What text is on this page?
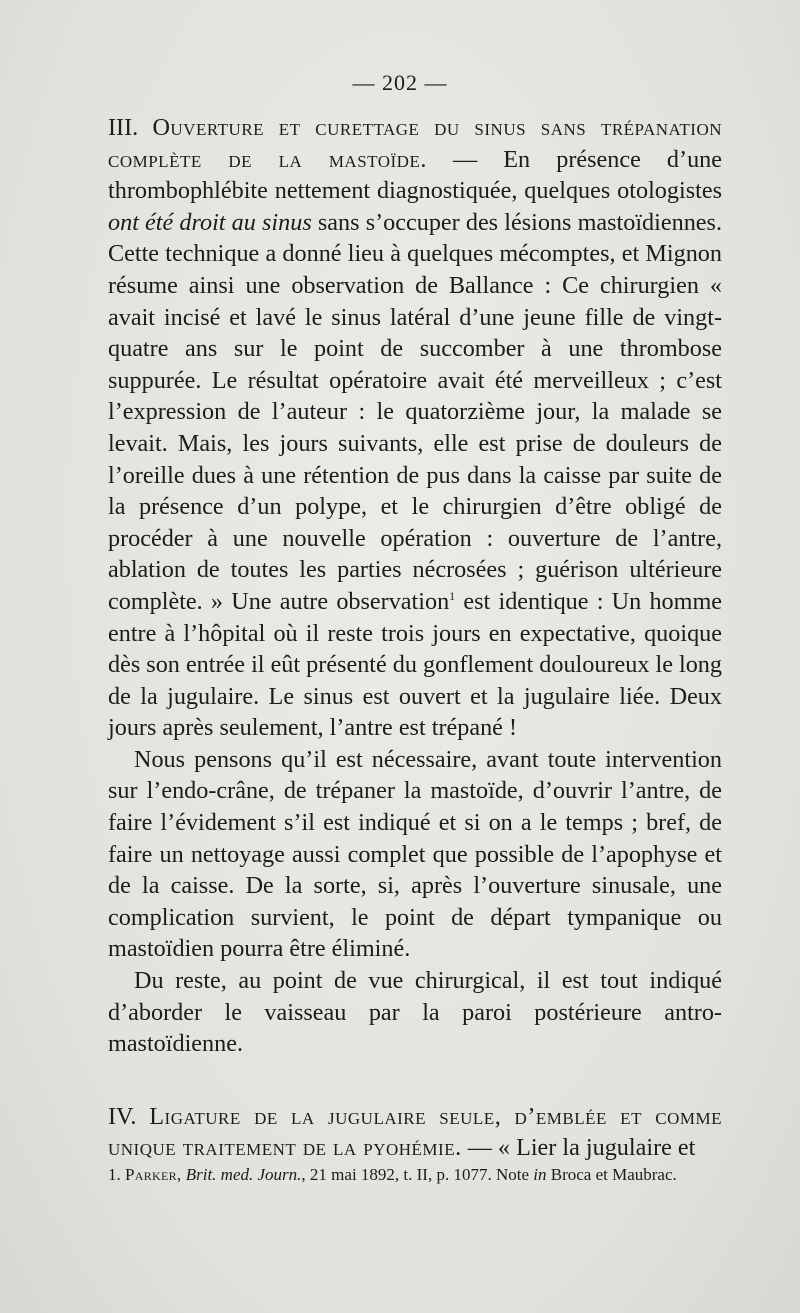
— 202 —

III. Ouverture et curettage du sinus sans trépanation complète de la mastoïde. — En présence d’une thrombophlébite nettement diagnostiquée, quelques otologistes ont été droit au sinus sans s’occuper des lésions mastoïdiennes. Cette technique a donné lieu à quelques mécomptes, et Mignon résume ainsi une observation de Ballance : Ce chirurgien « avait incisé et lavé le sinus latéral d’une jeune fille de vingt-quatre ans sur le point de succomber à une thrombose suppurée. Le résultat opératoire avait été merveilleux ; c’est l’expression de l’auteur : le quatorzième jour, la malade se levait. Mais, les jours suivants, elle est prise de douleurs de l’oreille dues à une rétention de pus dans la caisse par suite de la présence d’un polype, et le chirurgien d’être obligé de procéder à une nouvelle opération : ouverture de l’antre, ablation de toutes les parties nécrosées ; guérison ultérieure complète. » Une autre observation$^1$ est identique : Un homme entre à l’hôpital où il reste trois jours en expectative, quoique dès son entrée il eût présenté du gonflement douloureux le long de la jugulaire. Le sinus est ouvert et la jugulaire liée. Deux jours après seulement, l’antre est trépané !

Nous pensons qu’il est nécessaire, avant toute intervention sur l’endo-crâne, de trépaner la mastoïde, d’ouvrir l’antre, de faire l’évidement s’il est indiqué et si on a le temps ; bref, de faire un nettoyage aussi complet que possible de l’apophyse et de la caisse. De la sorte, si, après l’ouverture sinusale, une complication survient, le point de départ tympanique ou mastoïdien pourra être éliminé.

Du reste, au point de vue chirurgical, il est tout indiqué d’aborder le vaisseau par la paroi postérieure antro-mastoïdienne.

IV. Ligature de la jugulaire seule, d’emblée et comme unique traitement de la pyohémie. — « Lier la jugulaire et

1. Parker, Brit. med. Journ., 21 mai 1892, t. II, p. 1077. Note in Broca et Maubrac.
